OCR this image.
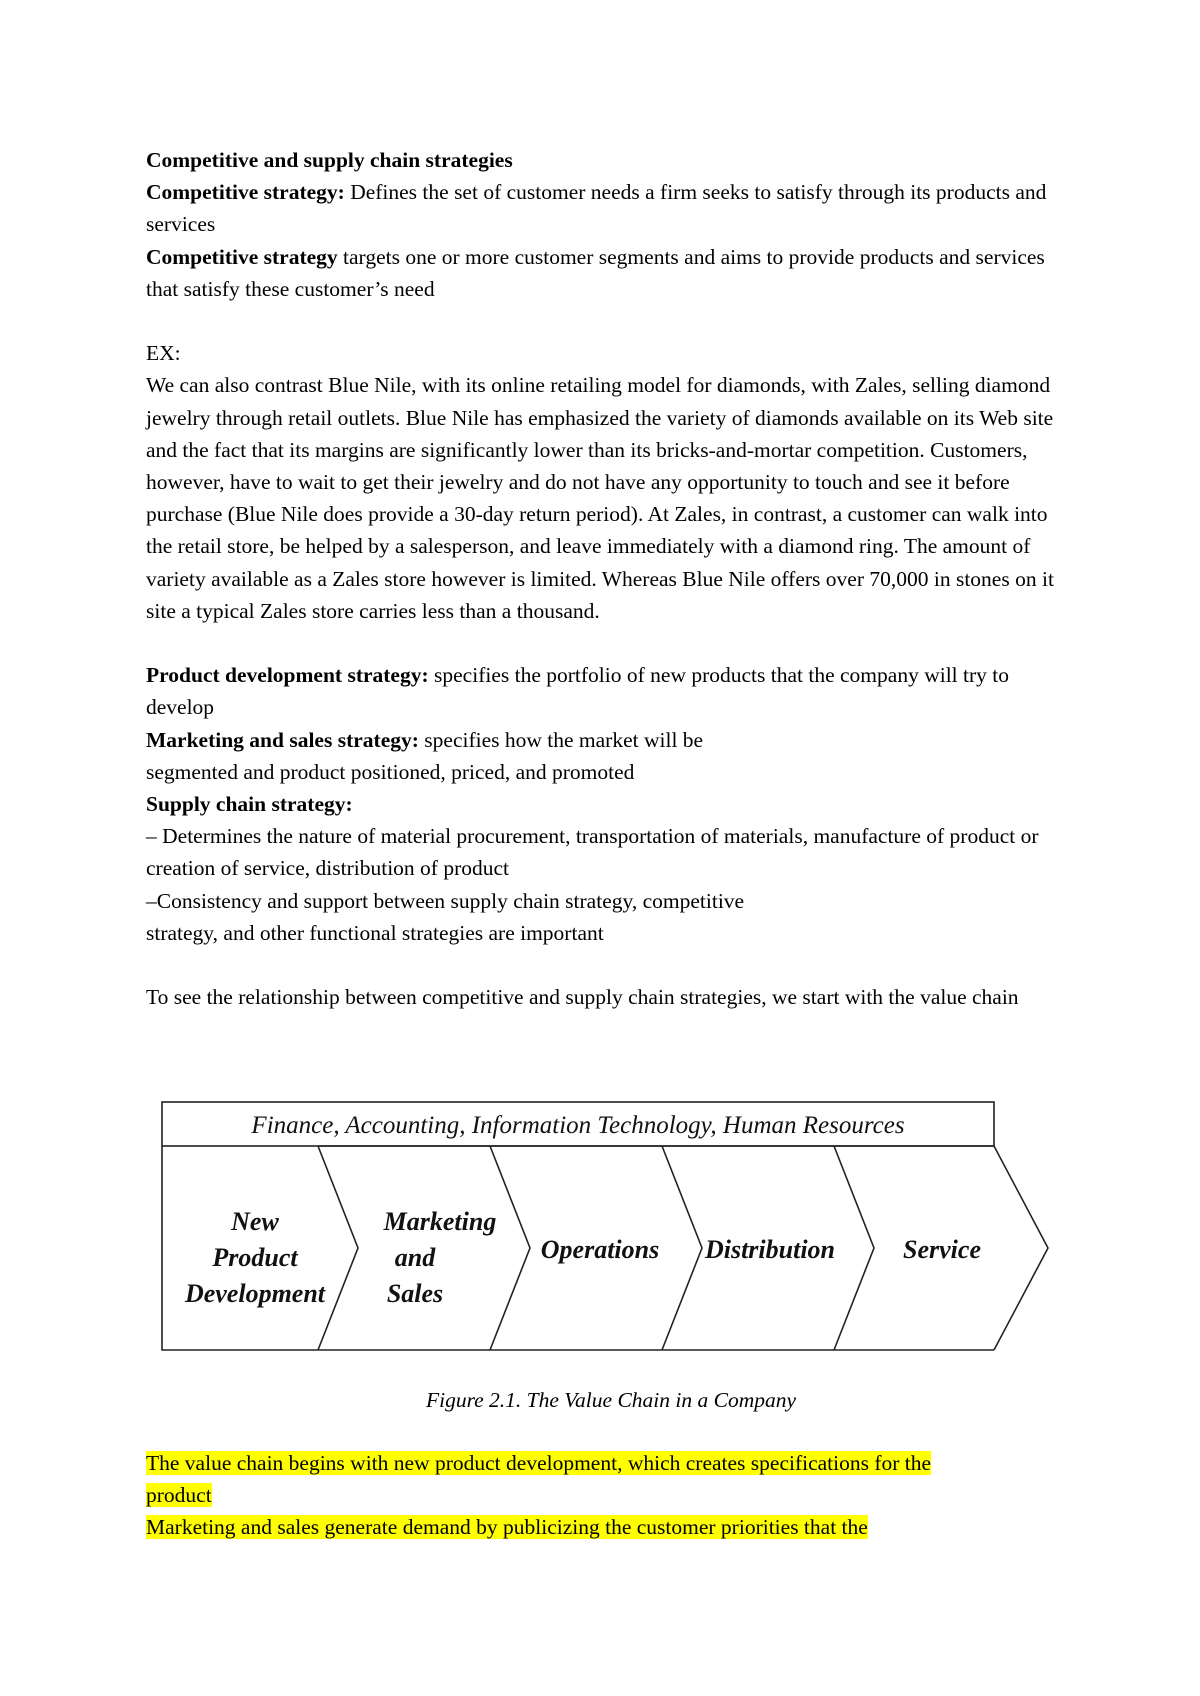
Competitive and supply chain strategies

Competitive strategy: Defines the set of customer needs a firm seeks to satisfy through its products and services

Competitive strategy targets one or more customer segments and aims to provide products and services that satisfy these customer’s need

EX:

We can also contrast Blue Nile, with its online retailing model for diamonds, with Zales, selling diamond jewelry through retail outlets. Blue Nile has emphasized the variety of diamonds available on its Web site and the fact that its margins are significantly lower than its bricks-and-mortar competition. Customers, however, have to wait to get their jewelry and do not have any opportunity to touch and see it before purchase (Blue Nile does provide a 30-day return period). At Zales, in contrast, a customer can walk into the retail store, be helped by a salesperson, and leave immediately with a diamond ring. The amount of variety available as a Zales store however is limited. Whereas Blue Nile offers over 70,000 in stones on it site a typical Zales store carries less than a thousand.

Product development strategy: specifies the portfolio of new products that the company will try to develop

Marketing and sales strategy: specifies how the market will be

segmented and product positioned, priced, and promoted

Supply chain strategy:

– Determines the nature of material procurement, transportation of materials, manufacture of product or creation of service, distribution of product

–Consistency and support between supply chain strategy, competitive

strategy, and other functional strategies are important

To see the relationship between competitive and supply chain strategies, we start with the value chain

Finance, Accounting, Information Technology, Human Resources
New
Product
Development
Marketing
and
Sales
Operations Distribution	Service
Figure 2.1. The Value Chain in a Company

The value chain begins with new product development, which creates specifications for the

product

Marketing and sales generate demand by publicizing the customer priorities that the
